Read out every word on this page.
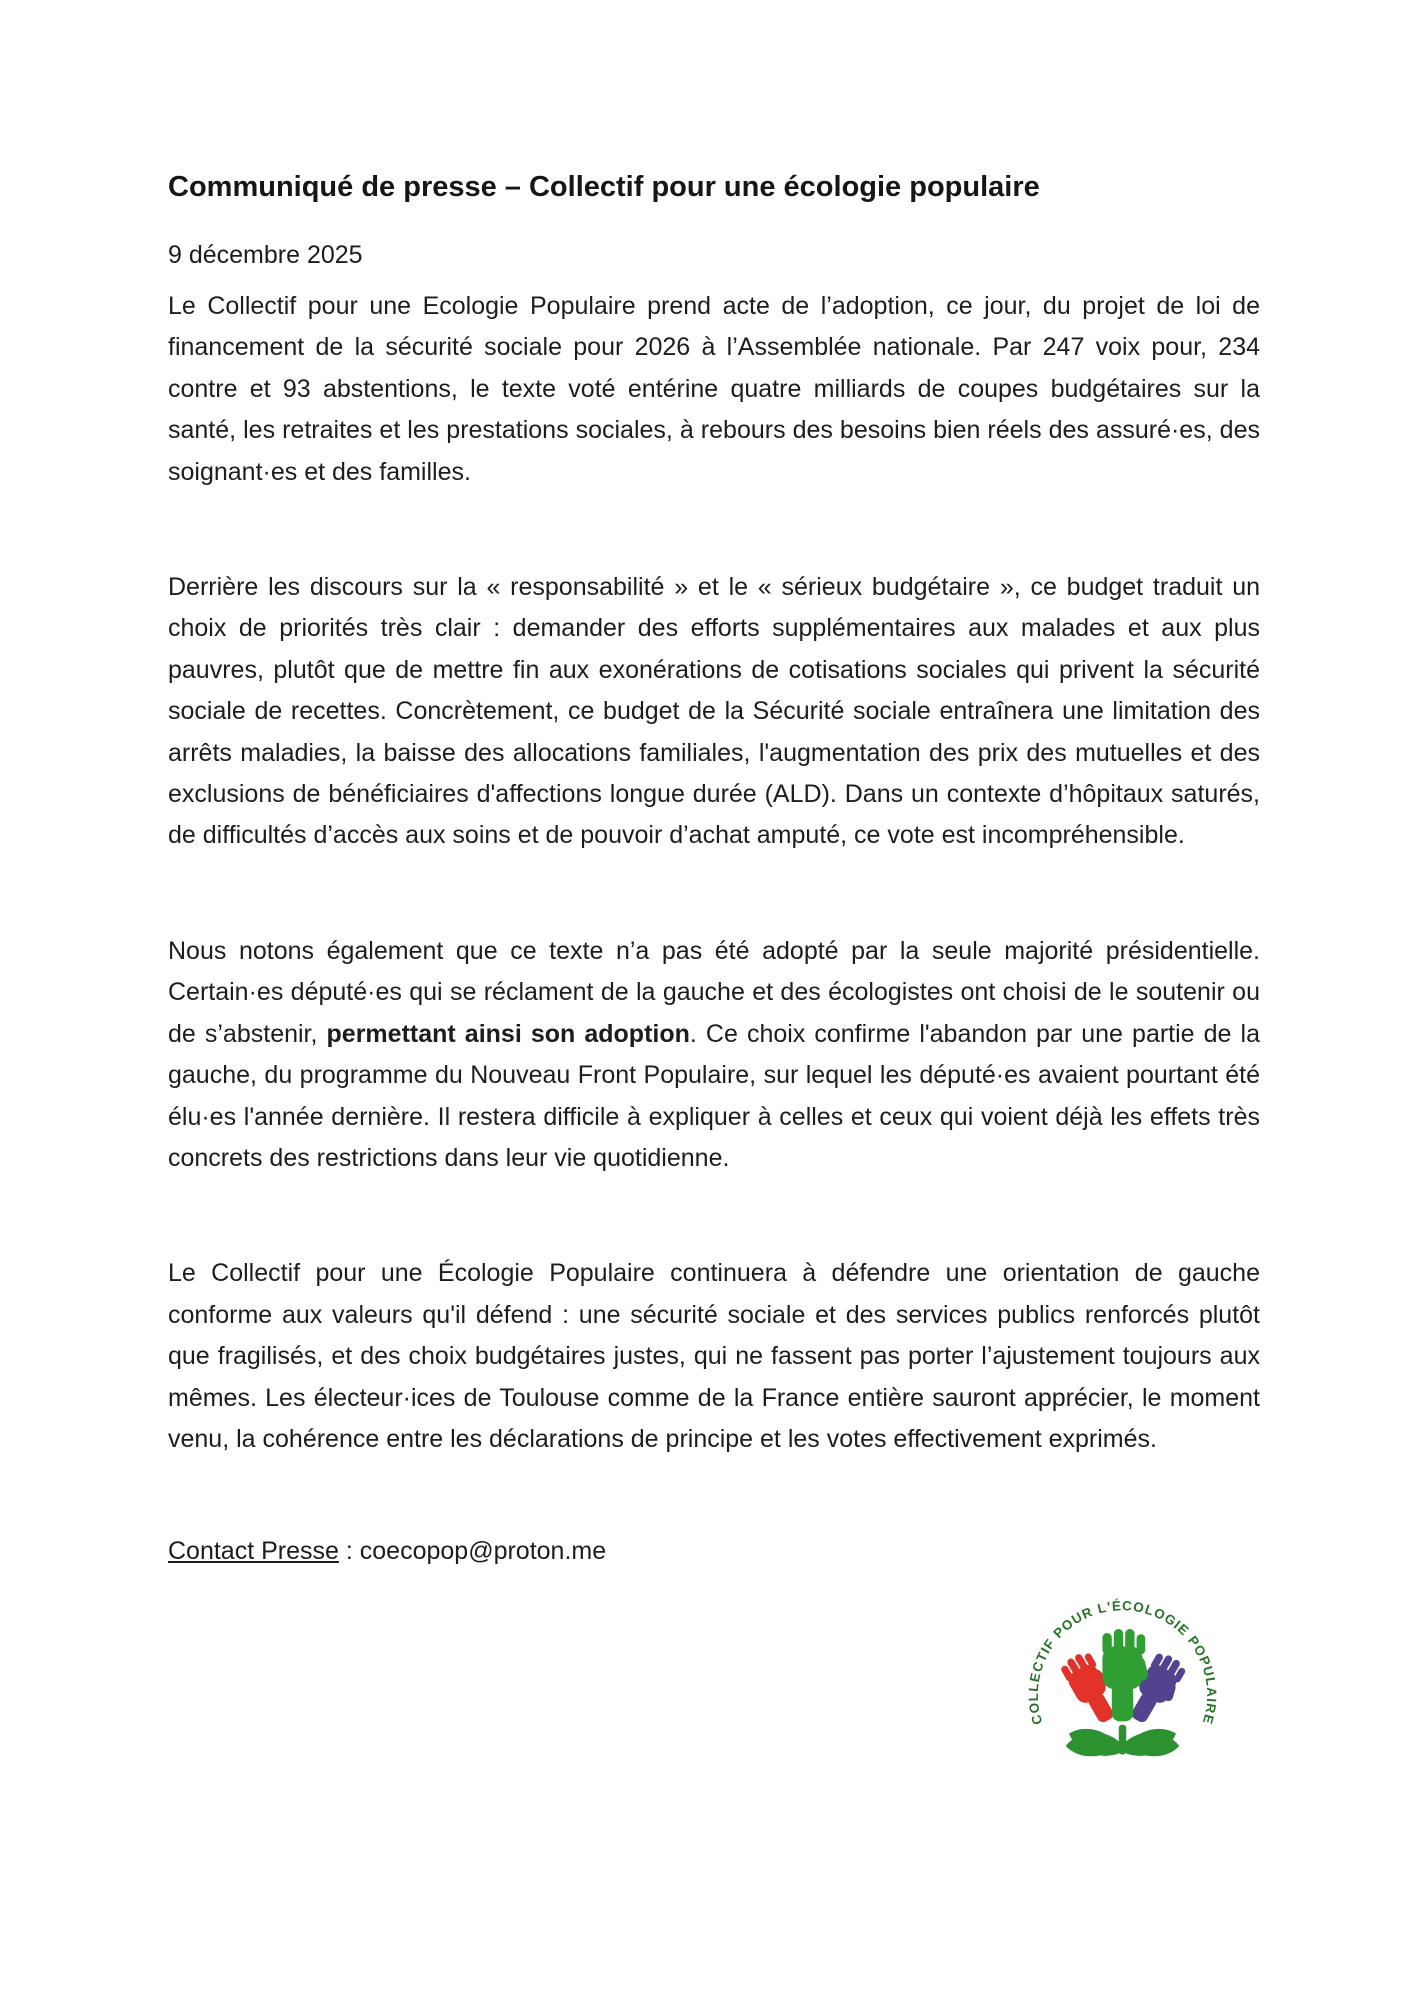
Communiqué de presse – Collectif pour une écologie populaire

9 décembre 2025

Le Collectif pour une Ecologie Populaire prend acte de l’adoption, ce jour, du projet de loi de financement de la sécurité sociale pour 2026 à l’Assemblée nationale. Par 247 voix pour, 234 contre et 93 abstentions, le texte voté entérine quatre milliards de coupes budgétaires sur la santé, les retraites et les prestations sociales, à rebours des besoins bien réels des assuré·es, des soignant·es et des familles.

Derrière les discours sur la « responsabilité » et le « sérieux budgétaire », ce budget traduit un choix de priorités très clair : demander des efforts supplémentaires aux malades et aux plus pauvres, plutôt que de mettre fin aux exonérations de cotisations sociales qui privent la sécurité sociale de recettes. Concrètement, ce budget de la Sécurité sociale entraînera une limitation des arrêts maladies, la baisse des allocations familiales, l'augmentation des prix des mutuelles et des exclusions de bénéficiaires d'affections longue durée (ALD). Dans un contexte d’hôpitaux saturés, de difficultés d’accès aux soins et de pouvoir d’achat amputé, ce vote est incompréhensible.

Nous notons également que ce texte n’a pas été adopté par la seule majorité présidentielle. Certain·es député·es qui se réclament de la gauche et des écologistes ont choisi de le soutenir ou de s’abstenir, permettant ainsi son adoption. Ce choix confirme l'abandon par une partie de la gauche, du programme du Nouveau Front Populaire, sur lequel les député·es avaient pourtant été élu·es l'année dernière. Il restera difficile à expliquer à celles et ceux qui voient déjà les effets très concrets des restrictions dans leur vie quotidienne.

Le Collectif pour une Écologie Populaire continuera à défendre une orientation de gauche conforme aux valeurs qu'il défend : une sécurité sociale et des services publics renforcés plutôt que fragilisés, et des choix budgétaires justes, qui ne fassent pas porter l’ajustement toujours aux mêmes. Les électeur·ices de Toulouse comme de la France entière sauront apprécier, le moment venu, la cohérence entre les déclarations de principe et les votes effectivement exprimés.

Contact Presse : coecopop@proton.me

COLLECTIF POUR L'ÉCOLOGIE POPULAIRE
